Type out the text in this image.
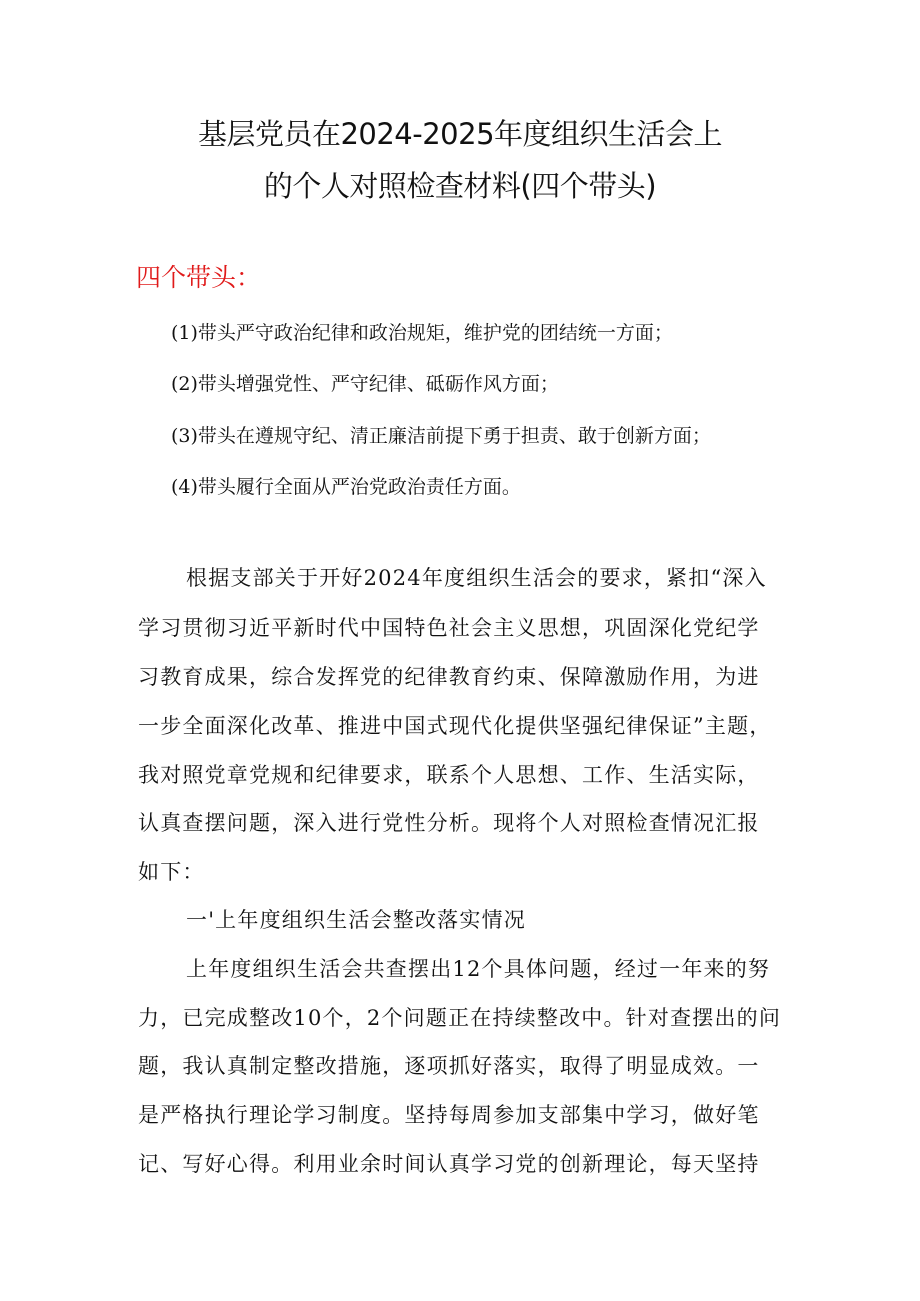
基层党员在2024-2025年度组织生活会上
的个人对照检查材料(四个带头)
四个带头：
(1)带头严守政治纪律和政治规矩，维护党的团结统一方面；
(2)带头增强党性、严守纪律、砥砺作风方面；
(3)带头在遵规守纪、清正廉洁前提下勇于担责、敢于创新方面；
(4)带头履行全面从严治党政治责任方面。
根据支部关于开好2024年度组织生活会的要求，紧扣“深入
学习贯彻习近平新时代中国特色社会主义思想，巩固深化党纪学
习教育成果，综合发挥党的纪律教育约束、保障激励作用，为进
一步全面深化改革、推进中国式现代化提供坚强纪律保证”主题，
我对照党章党规和纪律要求，联系个人思想、工作、生活实际，
认真查摆问题，深入进行党性分析。现将个人对照检查情况汇报
如下：
一'上年度组织生活会整改落实情况
上年度组织生活会共查摆出12个具体问题，经过一年来的努
力，已完成整改10个，2个问题正在持续整改中。针对查摆出的问
题，我认真制定整改措施，逐项抓好落实，取得了明显成效。一
是严格执行理论学习制度。坚持每周参加支部集中学习，做好笔
记、写好心得。利用业余时间认真学习党的创新理论，每天坚持
